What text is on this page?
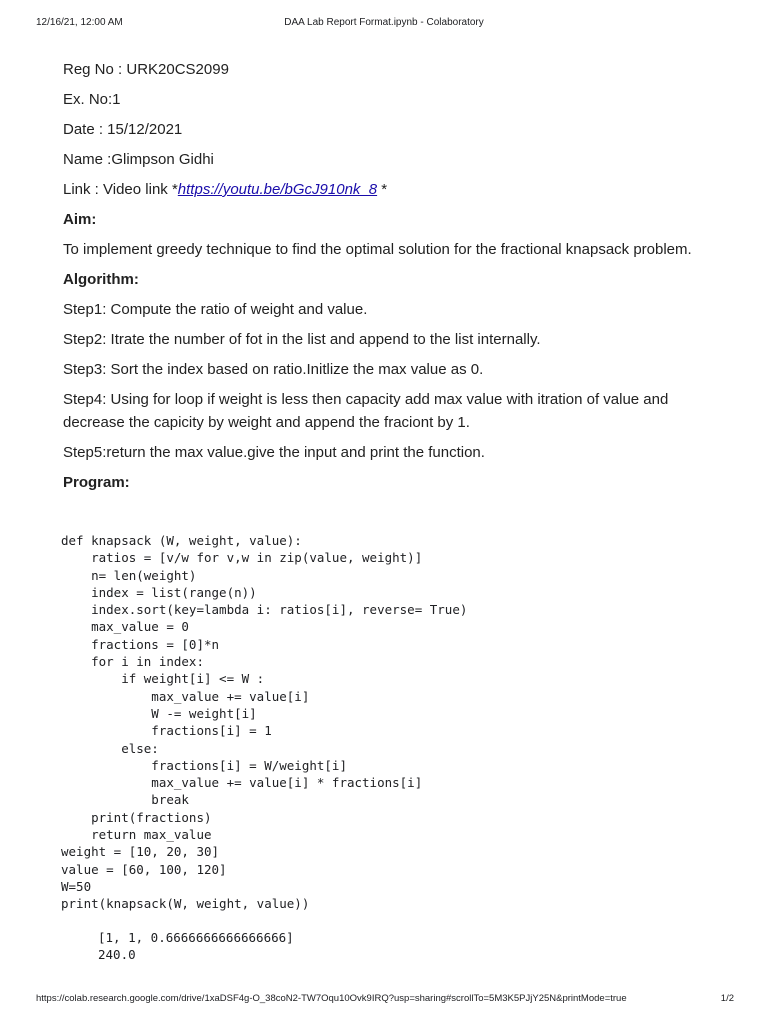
12/16/21, 12:00 AM	DAA Lab Report Format.ipynb - Colaboratory

Reg No : URK20CS2099

Ex. No:1

Date : 15/12/2021

Name :Glimpson Gidhi

Link : Video link *https://youtu.be/bGcJ910nk_8 *

Aim:

To implement greedy technique to find the optimal solution for the fractional knapsack problem.

Algorithm:

Step1: Compute the ratio of weight and value.

Step2: Itrate the number of fot in the list and append to the list internally.

Step3: Sort the index based on ratio.Initlize the max value as 0.

Step4: Using for loop if weight is less then capacity add max value with itration of value and decrease the capicity by weight and append the fraciont by 1.

Step5:return the max value.give the input and print the function.

Program:

def knapsack (W, weight, value):
ratios = [v/w for v,w in zip(value, weight)]
n= len(weight)
index = list(range(n))
index.sort(key=lambda i: ratios[i], reverse= True)
max_value = 0
fractions = [0]*n
for i in index:
if weight[i] <= W :
max_value += value[i]
W -= weight[i]
fractions[i] = 1
else:
fractions[i] = W/weight[i]
max_value += value[i] * fractions[i]
break
print(fractions)
return max_value
weight = [10, 20, 30]
value = [60, 100, 120]
W=50
print(knapsack(W, weight, value))
[1, 1, 0.6666666666666666]
240.0
https://colab.research.google.com/drive/1xaDSF4g-O_38coN2-TW7Oqu10Ovk9IRQ?usp=sharing#scrollTo=5M3K5PJjY25N&printMode=true	1/2
